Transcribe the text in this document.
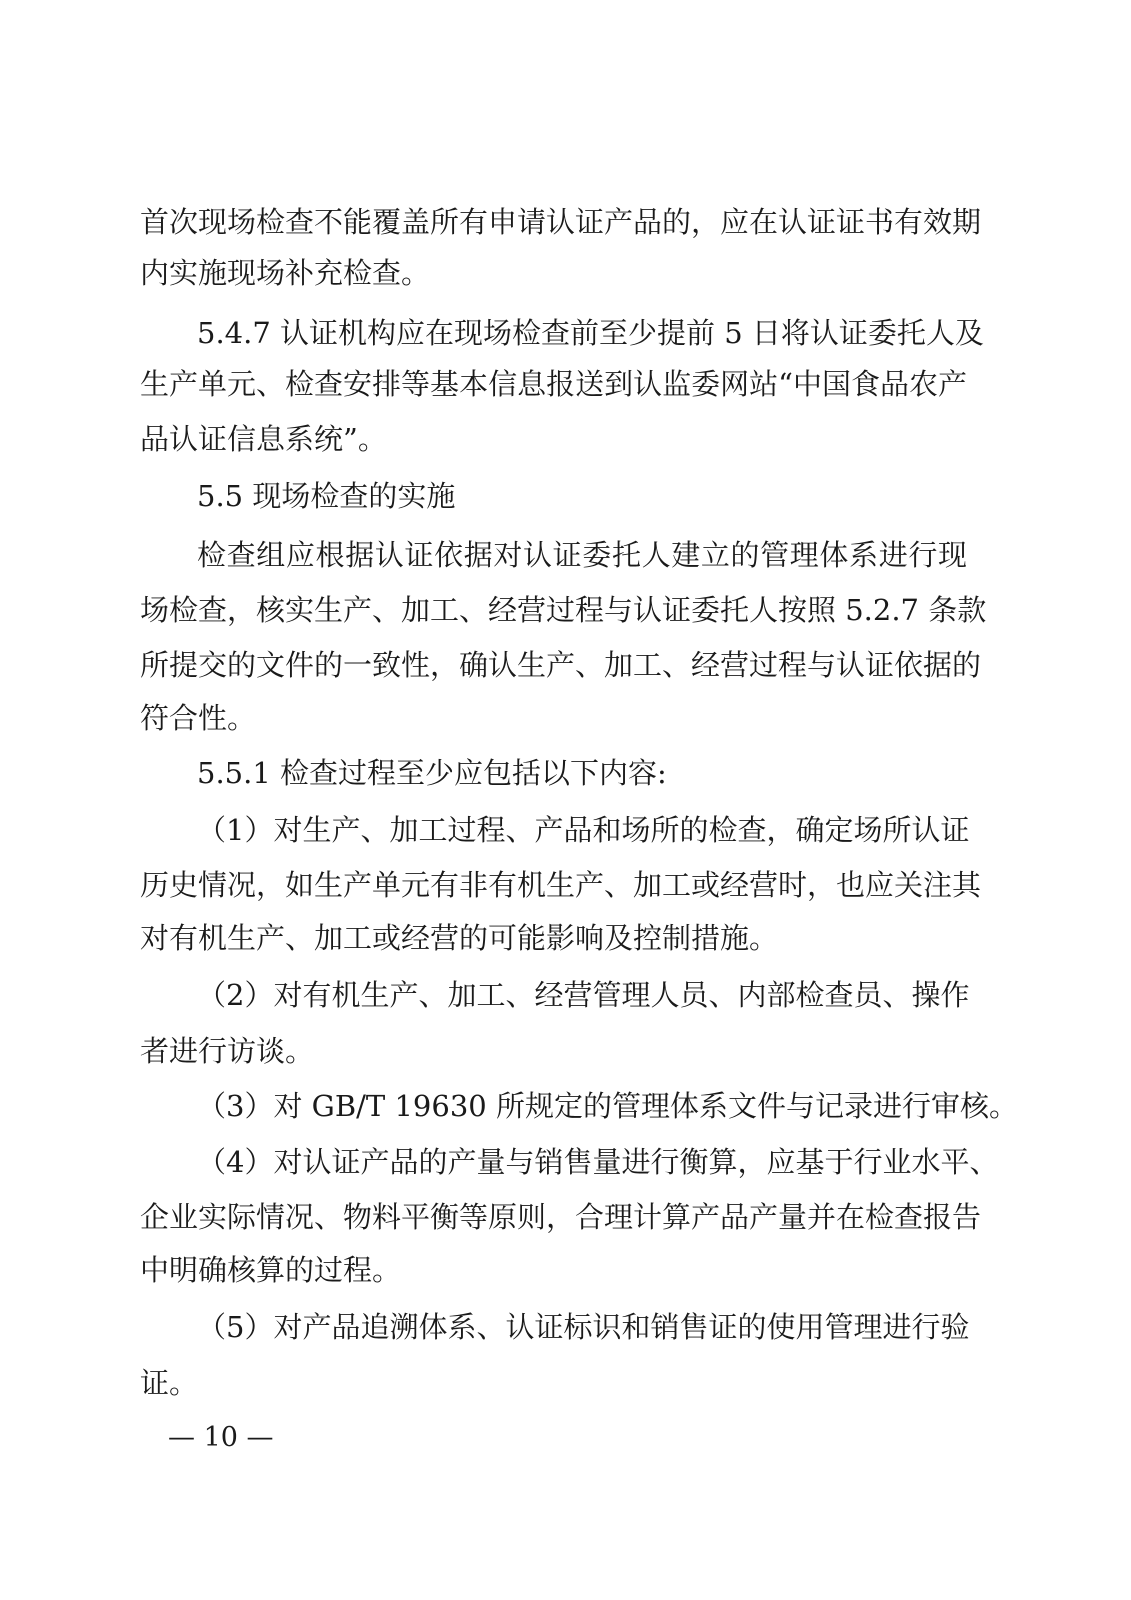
首次现场检查不能覆盖所有申请认证产品的，应在认证证书有效期
内实施现场补充检查。
5.4.7 认证机构应在现场检查前至少提前 5 日将认证委托人及
生产单元、检查安排等基本信息报送到认监委网站“中国食品农产
品认证信息系统”。
5.5 现场检查的实施
检查组应根据认证依据对认证委托人建立的管理体系进行现
场检查，核实生产、加工、经营过程与认证委托人按照 5.2.7 条款
所提交的文件的一致性，确认生产、加工、经营过程与认证依据的
符合性。
5.5.1 检查过程至少应包括以下内容:
（1）对生产、加工过程、产品和场所的检查，确定场所认证
历史情况，如生产单元有非有机生产、加工或经营时，也应关注其
对有机生产、加工或经营的可能影响及控制措施。
（2）对有机生产、加工、经营管理人员、内部检查员、操作
者进行访谈。
（3）对 GB/T 19630 所规定的管理体系文件与记录进行审核。
（4）对认证产品的产量与销售量进行衡算，应基于行业水平、
企业实际情况、物料平衡等原则，合理计算产品产量并在检查报告
中明确核算的过程。
（5）对产品追溯体系、认证标识和销售证的使用管理进行验
证。
— 10 —
